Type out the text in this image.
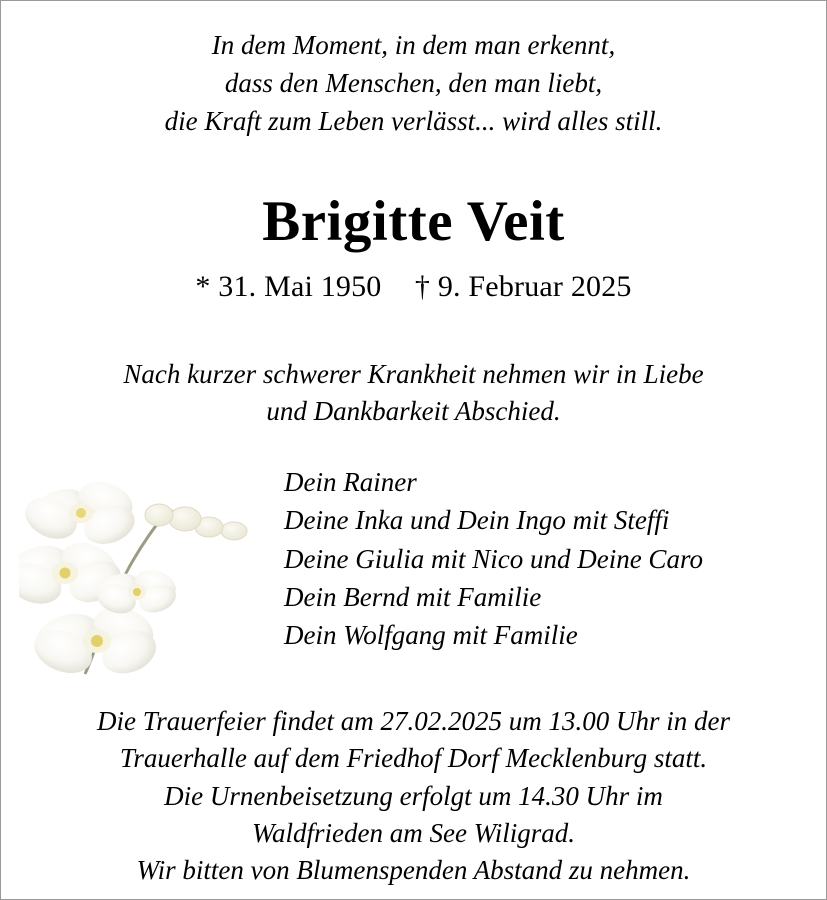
In dem Moment, in dem man erkennt,
dass den Menschen, den man liebt,
die Kraft zum Leben verlässt... wird alles still.
Brigitte Veit
* 31. Mai 1950 † 9. Februar 2025
Nach kurzer schwerer Krankheit nehmen wir in Liebe
und Dankbarkeit Abschied.
Dein Rainer
Deine Inka und Dein Ingo mit Steffi
Deine Giulia mit Nico und Deine Caro
Dein Bernd mit Familie
Dein Wolfgang mit Familie
Die Trauerfeier findet am 27.02.2025 um 13.00 Uhr in der
Trauerhalle auf dem Friedhof Dorf Mecklenburg statt.
Die Urnenbeisetzung erfolgt um 14.30 Uhr im
Waldfrieden am See Wiligrad.
Wir bitten von Blumenspenden Abstand zu nehmen.
